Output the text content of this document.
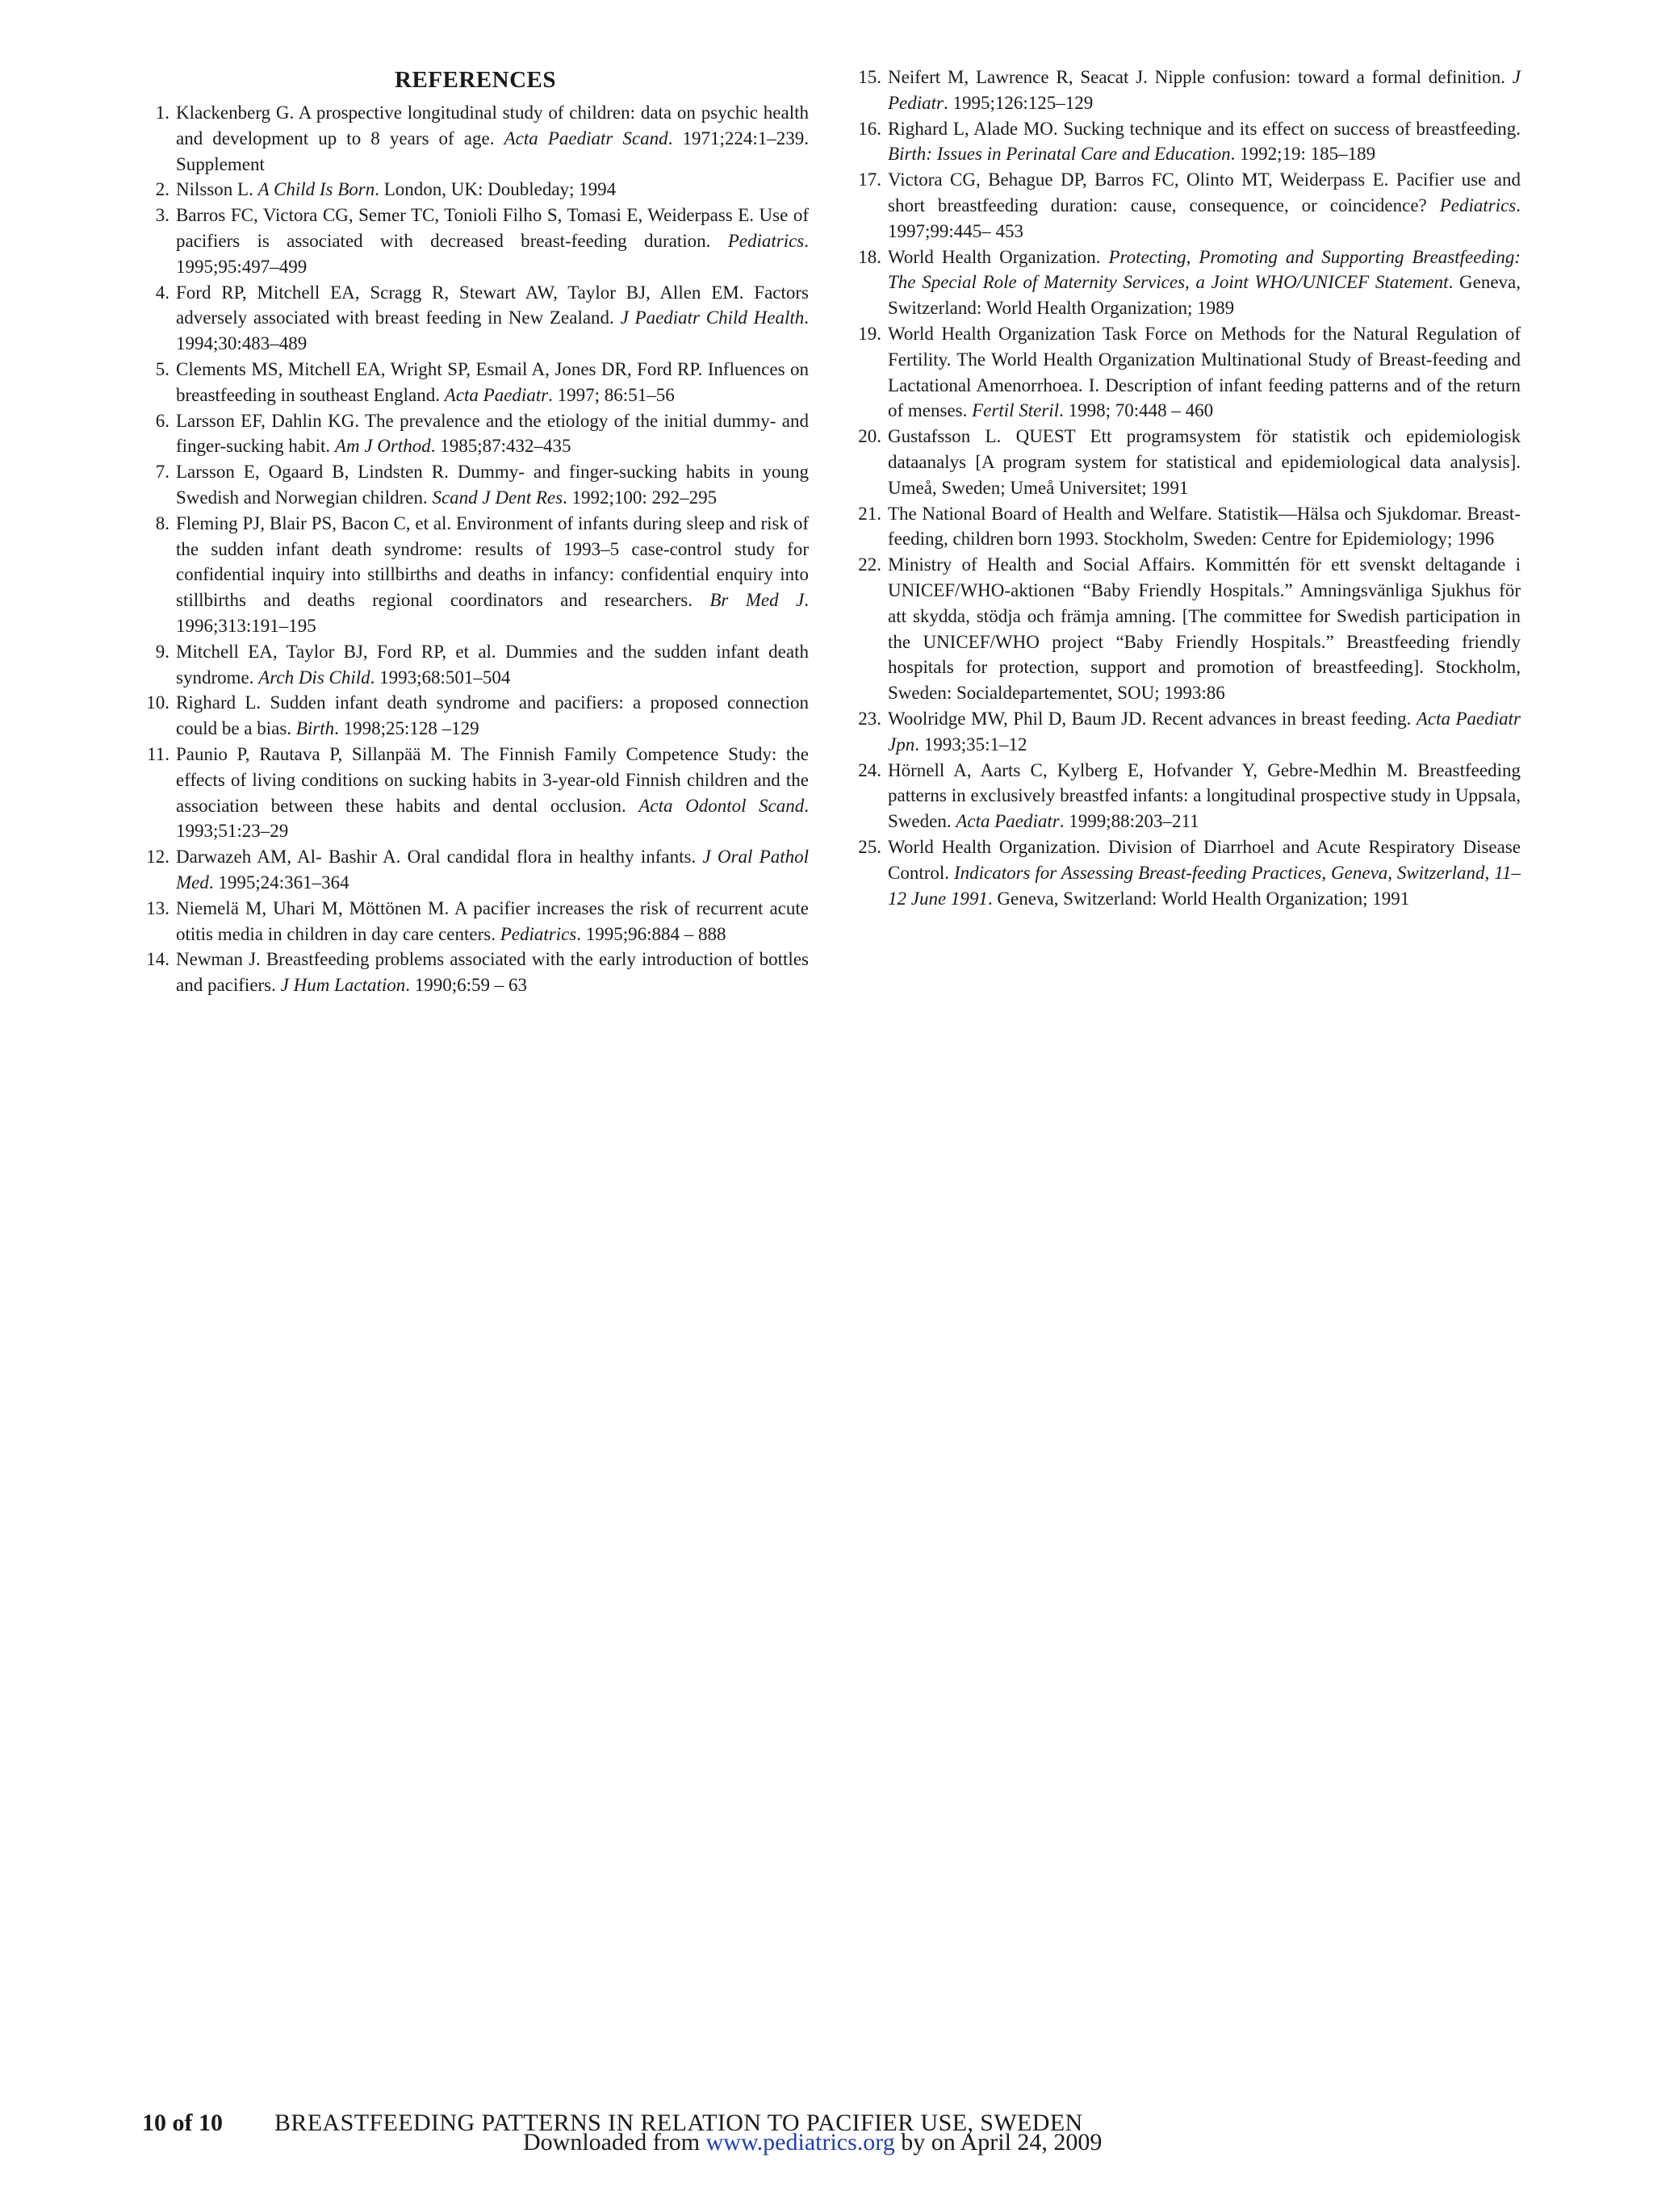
REFERENCES
1. Klackenberg G. A prospective longitudinal study of children: data on psychic health and development up to 8 years of age. Acta Paediatr Scand. 1971;224:1–239. Supplement
2. Nilsson L. A Child Is Born. London, UK: Doubleday; 1994
3. Barros FC, Victora CG, Semer TC, Tonioli Filho S, Tomasi E, Weiderpass E. Use of pacifiers is associated with decreased breast-feeding duration. Pediatrics. 1995;95:497–499
4. Ford RP, Mitchell EA, Scragg R, Stewart AW, Taylor BJ, Allen EM. Factors adversely associated with breast feeding in New Zealand. J Paediatr Child Health. 1994;30:483–489
5. Clements MS, Mitchell EA, Wright SP, Esmail A, Jones DR, Ford RP. Influences on breastfeeding in southeast England. Acta Paediatr. 1997; 86:51–56
6. Larsson EF, Dahlin KG. The prevalence and the etiology of the initial dummy- and finger-sucking habit. Am J Orthod. 1985;87:432–435
7. Larsson E, Ogaard B, Lindsten R. Dummy- and finger-sucking habits in young Swedish and Norwegian children. Scand J Dent Res. 1992;100: 292–295
8. Fleming PJ, Blair PS, Bacon C, et al. Environment of infants during sleep and risk of the sudden infant death syndrome: results of 1993–5 case-control study for confidential inquiry into stillbirths and deaths in infancy: confidential enquiry into stillbirths and deaths regional coordinators and researchers. Br Med J. 1996;313:191–195
9. Mitchell EA, Taylor BJ, Ford RP, et al. Dummies and the sudden infant death syndrome. Arch Dis Child. 1993;68:501–504
10. Righard L. Sudden infant death syndrome and pacifiers: a proposed connection could be a bias. Birth. 1998;25:128 –129
11. Paunio P, Rautava P, Sillanpää M. The Finnish Family Competence Study: the effects of living conditions on sucking habits in 3-year-old Finnish children and the association between these habits and dental occlusion. Acta Odontol Scand. 1993;51:23–29
12. Darwazeh AM, Al- Bashir A. Oral candidal flora in healthy infants. J Oral Pathol Med. 1995;24:361–364
13. Niemelä M, Uhari M, Möttönen M. A pacifier increases the risk of recurrent acute otitis media in children in day care centers. Pediatrics. 1995;96:884 – 888
14. Newman J. Breastfeeding problems associated with the early introduction of bottles and pacifiers. J Hum Lactation. 1990;6:59 – 63
15. Neifert M, Lawrence R, Seacat J. Nipple confusion: toward a formal definition. J Pediatr. 1995;126:125–129
16. Righard L, Alade MO. Sucking technique and its effect on success of breastfeeding. Birth: Issues in Perinatal Care and Education. 1992;19: 185–189
17. Victora CG, Behague DP, Barros FC, Olinto MT, Weiderpass E. Pacifier use and short breastfeeding duration: cause, consequence, or coincidence? Pediatrics. 1997;99:445– 453
18. World Health Organization. Protecting, Promoting and Supporting Breastfeeding: The Special Role of Maternity Services, a Joint WHO/UNICEF Statement. Geneva, Switzerland: World Health Organization; 1989
19. World Health Organization Task Force on Methods for the Natural Regulation of Fertility. The World Health Organization Multinational Study of Breast-feeding and Lactational Amenorrhoea. I. Description of infant feeding patterns and of the return of menses. Fertil Steril. 1998; 70:448 – 460
20. Gustafsson L. QUEST Ett programsystem för statistik och epidemiologisk dataanalys [A program system for statistical and epidemiological data analysis]. Umeå, Sweden; Umeå Universitet; 1991
21. The National Board of Health and Welfare. Statistik—Hälsa och Sjukdomar. Breast-feeding, children born 1993. Stockholm, Sweden: Centre for Epidemiology; 1996
22. Ministry of Health and Social Affairs. Kommittén för ett svenskt deltagande i UNICEF/WHO-aktionen “Baby Friendly Hospitals.” Amningsvänliga Sjukhus för att skydda, stödja och främja amning. [The committee for Swedish participation in the UNICEF/WHO project “Baby Friendly Hospitals.” Breastfeeding friendly hospitals for protection, support and promotion of breastfeeding]. Stockholm, Sweden: Socialdepartementet, SOU; 1993:86
23. Woolridge MW, Phil D, Baum JD. Recent advances in breast feeding. Acta Paediatr Jpn. 1993;35:1–12
24. Hörnell A, Aarts C, Kylberg E, Hofvander Y, Gebre-Medhin M. Breastfeeding patterns in exclusively breastfed infants: a longitudinal prospective study in Uppsala, Sweden. Acta Paediatr. 1999;88:203–211
25. World Health Organization. Division of Diarrhoel and Acute Respiratory Disease Control. Indicators for Assessing Breast-feeding Practices, Geneva, Switzerland, 11–12 June 1991. Geneva, Switzerland: World Health Organization; 1991
10 of 10 BREASTFEEDING PATTERNS IN RELATION TO PACIFIER USE, SWEDEN
Downloaded from www.pediatrics.org by on April 24, 2009
